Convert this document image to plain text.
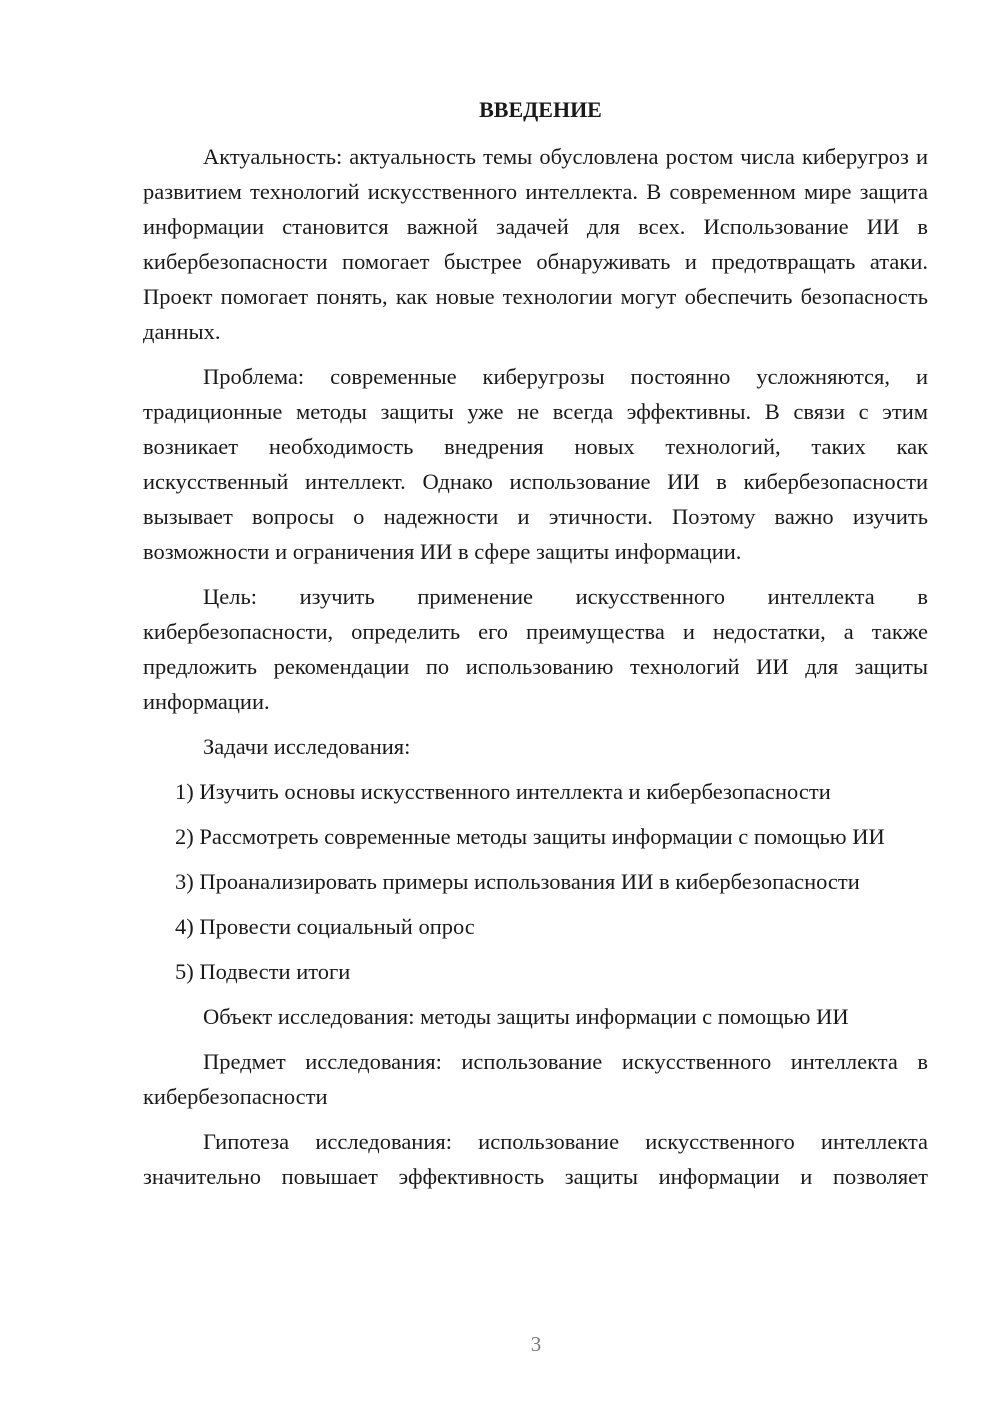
ВВЕДЕНИЕ

Актуальность: актуальность темы обусловлена ростом числа киберугроз и развитием технологий искусственного интеллекта. В современном мире защита информации становится важной задачей для всех. Использование ИИ в кибербезопасности помогает быстрее обнаруживать и предотвращать атаки. Проект помогает понять, как новые технологии могут обеспечить безопасность данных.

Проблема: современные киберугрозы постоянно усложняются, и традиционные методы защиты уже не всегда эффективны. В связи с этим возникает необходимость внедрения новых технологий, таких как искусственный интеллект. Однако использование ИИ в кибербезопасности вызывает вопросы о надежности и этичности. Поэтому важно изучить возможности и ограничения ИИ в сфере защиты информации.

Цель: изучить применение искусственного интеллекта в кибербезопасности, определить его преимущества и недостатки, а также предложить рекомендации по использованию технологий ИИ для защиты информации.

Задачи исследования:

1) Изучить основы искусственного интеллекта и кибербезопасности

2) Рассмотреть современные методы защиты информации с помощью ИИ

3) Проанализировать примеры использования ИИ в кибербезопасности

4) Провести социальный опрос

5) Подвести итоги

Объект исследования: методы защиты информации с помощью ИИ

Предмет исследования: использование искусственного интеллекта в кибербезопасности

Гипотеза исследования: использование искусственного интеллекта значительно повышает эффективность защиты информации и позволяет

3
